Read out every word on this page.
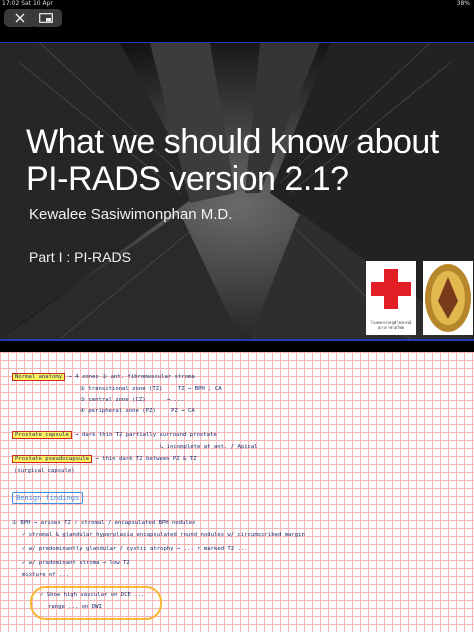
17:02 Sat 10 Apr	38%
What we should know about
PI-RADS version 2.1?
Kewalee Sasiwimonphan M.D.
Part I : PI-RADS
โรงพยาบาลจุฬาลงกรณ์
สภากาชาดไทย
Normal anatomy → 4 zones ① ant. fibromuscular stroma
② transitional zone (TZ)	TZ → BPH ; CA
③ central zone (CZ)	→ ...
④ peripheral zone (PZ)	PZ → CA
Prostate capsule → dark thin T2 partially surround prostate
↳ incomplete at ant. / Apical
Prostate pseudocapsule → thin dark T2 between PZ & TZ
(surgical capsule)
Benign findings
① BPH → arises TZ ✓ stromal / encapsulated BPH nodules
✓ stromal & glandular hyperplasia encapsulated round nodules w/ circumscribed margin
✓ w/ predominantly glandular / cystic atrophy → ... ↑ marked T2 ...
✓ w/ predominant stroma → low T2
mixture of ...
✓ Show high vascular on DCE ...
range ... on DWI
